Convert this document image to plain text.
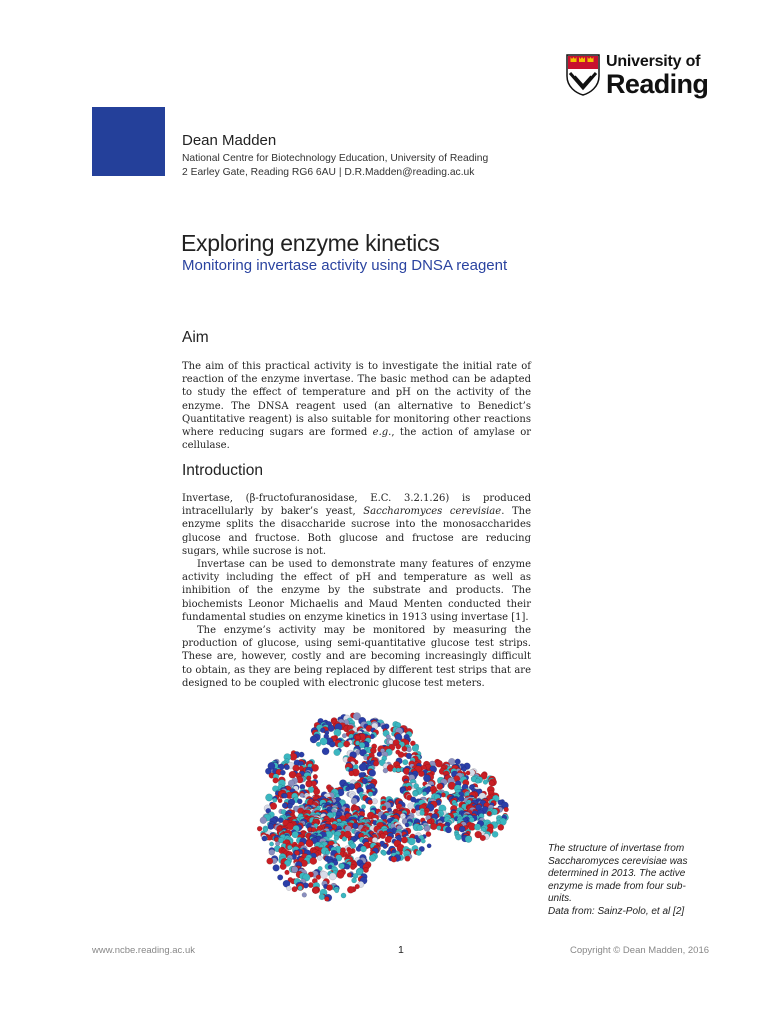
University of
Reading
Dean Madden
National Centre for Biotechnology Education, University of Reading
2 Earley Gate, Reading RG6 6AU | D.R.Madden@reading.ac.uk
Exploring enzyme kinetics
Monitoring invertase activity using DNSA reagent
Aim

The aim of this practical activity is to investigate the initial rate of reaction of the enzyme invertase. The basic method can be adapted to study the effect of temperature and pH on the activity of the enzyme. The DNSA reagent used (an alternative to Benedict’s Quantitative reagent) is also suitable for monitoring other reactions where reducing sugars are formed e.g., the action of amylase or cellulase.

Introduction

Invertase, (β-fructofuranosidase, E.C. 3.2.1.26) is produced intracellularly by baker’s yeast, Saccharomyces cerevisiae. The enzyme splits the disaccharide sucrose into the monosaccharides glucose and fructose. Both glucose and fructose are reducing sugars, while sucrose is not.

Invertase can be used to demonstrate many features of enzyme activity including the effect of pH and temperature as well as inhibition of the enzyme by the substrate and products. The biochemists Leonor Michaelis and Maud Menten conducted their fundamental studies on enzyme kinetics in 1913 using invertase [1].

The enzyme’s activity may be monitored by measuring the production of glucose, using semi-quantitative glucose test strips. These are, however, costly and are becoming increasingly difficult to obtain, as they are being replaced by different test strips that are designed to be coupled with electronic glucose test meters.

The structure of invertase from Saccharomyces cerevisiae was determined in 2013. The active enzyme is made from four sub-units.
Data from: Sainz-Polo, et al [2]
www.ncbe.reading.ac.uk	1	Copyright © Dean Madden, 2016
